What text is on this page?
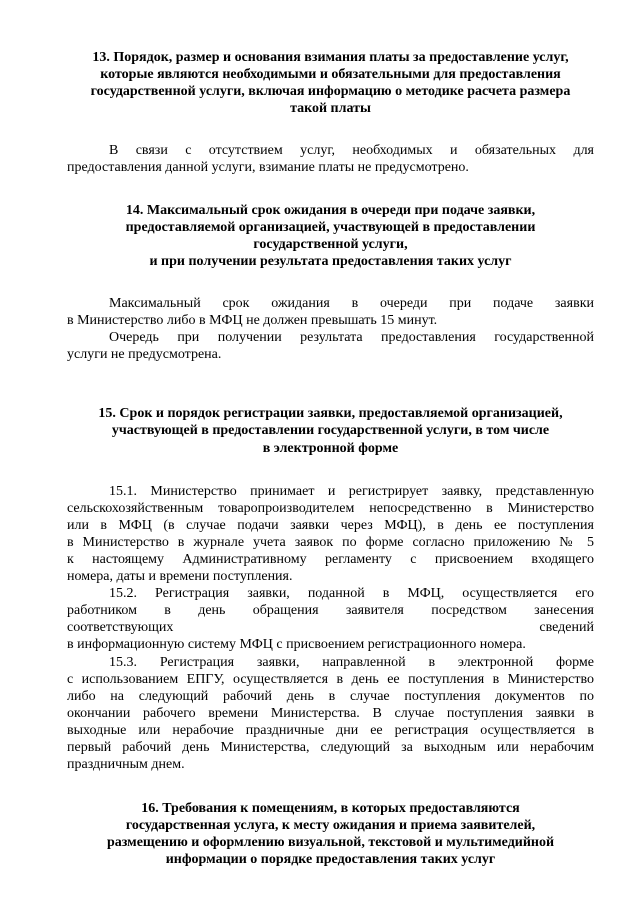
13. Порядок, размер и основания взимания платы за предоставление услуг,
которые являются необходимыми и обязательными для предоставления
государственной услуги, включая информацию о методике расчета размера
такой платы
В связи с отсутствием услуг, необходимых и обязательных для
предоставления данной услуги, взимание платы не предусмотрено.
14. Максимальный срок ожидания в очереди при подаче заявки,
предоставляемой организацией, участвующей в предоставлении
государственной услуги,
и при получении результата предоставления таких услуг
Максимальный срок ожидания в очереди при подаче заявки
в Министерство либо в МФЦ не должен превышать 15 минут.
Очередь при получении результата предоставления государственной
услуги не предусмотрена.
15. Срок и порядок регистрации заявки, предоставляемой организацией,
участвующей в предоставлении государственной услуги, в том числе
в электронной форме
15.1. Министерство принимает и регистрирует заявку, представленную
сельскохозяйственным товаропроизводителем непосредственно в Министерство
или в МФЦ (в случае подачи заявки через МФЦ), в день ее поступления
в Министерство в журнале учета заявок по форме согласно приложению № 5
к настоящему Административному регламенту с присвоением входящего
номера, даты и времени поступления.
15.2. Регистрация заявки, поданной в МФЦ, осуществляется его
работником в день обращения заявителя посредством занесения
соответствующих сведений
в информационную систему МФЦ с присвоением регистрационного номера.
15.3. Регистрация заявки, направленной в электронной форме
с использованием ЕПГУ, осуществляется в день ее поступления в Министерство
либо на следующий рабочий день в случае поступления документов по
окончании рабочего времени Министерства. В случае поступления заявки в
выходные или нерабочие праздничные дни ее регистрация осуществляется в
первый рабочий день Министерства, следующий за выходным или нерабочим
праздничным днем.
16. Требования к помещениям, в которых предоставляются
государственная услуга, к месту ожидания и приема заявителей,
размещению и оформлению визуальной, текстовой и мультимедийной
информации о порядке предоставления таких услуг
